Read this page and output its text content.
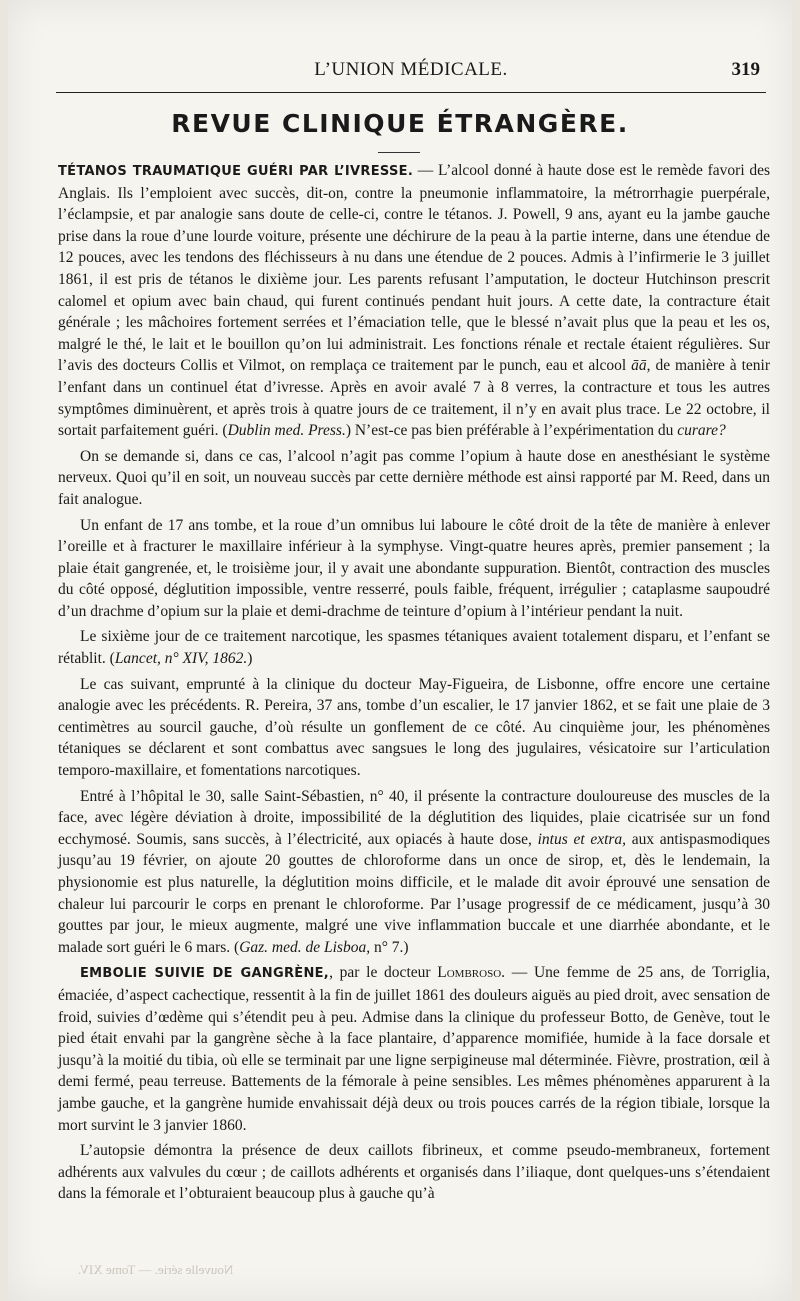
L’UNION MÉDICALE.	319
REVUE CLINIQUE ÉTRANGÈRE.

TÉTANOS TRAUMATIQUE GUÉRI PAR L’IVRESSE. — L’alcool donné à haute dose est le remède favori des Anglais. Ils l’emploient avec succès, dit-on, contre la pneumonie inflammatoire, la métrorrhagie puerpérale, l’éclampsie, et par analogie sans doute de celle-ci, contre le tétanos. J. Powell, 9 ans, ayant eu la jambe gauche prise dans la roue d’une lourde voiture, présente une déchirure de la peau à la partie interne, dans une étendue de 12 pouces, avec les tendons des fléchisseurs à nu dans une étendue de 2 pouces. Admis à l’infirmerie le 3 juillet 1861, il est pris de tétanos le dixième jour. Les parents refusant l’amputation, le docteur Hutchinson prescrit calomel et opium avec bain chaud, qui furent continués pendant huit jours. A cette date, la contracture était générale ; les mâchoires fortement serrées et l’émaciation telle, que le blessé n’avait plus que la peau et les os, malgré le thé, le lait et le bouillon qu’on lui administrait. Les fonctions rénale et rectale étaient régulières. Sur l’avis des docteurs Collis et Vilmot, on remplaça ce traitement par le punch, eau et alcool āā, de manière à tenir l’enfant dans un continuel état d’ivresse. Après en avoir avalé 7 à 8 verres, la contracture et tous les autres symptômes diminuèrent, et après trois à quatre jours de ce traitement, il n’y en avait plus trace. Le 22 octobre, il sortait parfaitement guéri. (Dublin med. Press.) N’est-ce pas bien préférable à l’expérimentation du curare?

On se demande si, dans ce cas, l’alcool n’agit pas comme l’opium à haute dose en anesthésiant le système nerveux. Quoi qu’il en soit, un nouveau succès par cette dernière méthode est ainsi rapporté par M. Reed, dans un fait analogue.

Un enfant de 17 ans tombe, et la roue d’un omnibus lui laboure le côté droit de la tête de manière à enlever l’oreille et à fracturer le maxillaire inférieur à la symphyse. Vingt-quatre heures après, premier pansement ; la plaie était gangrenée, et, le troisième jour, il y avait une abondante suppuration. Bientôt, contraction des muscles du côté opposé, déglutition impossible, ventre resserré, pouls faible, fréquent, irrégulier ; cataplasme saupoudré d’un drachme d’opium sur la plaie et demi-drachme de teinture d’opium à l’intérieur pendant la nuit.

Le sixième jour de ce traitement narcotique, les spasmes tétaniques avaient totalement disparu, et l’enfant se rétablit. (Lancet, n° XIV, 1862.)

Le cas suivant, emprunté à la clinique du docteur May-Figueira, de Lisbonne, offre encore une certaine analogie avec les précédents. R. Pereira, 37 ans, tombe d’un escalier, le 17 janvier 1862, et se fait une plaie de 3 centimètres au sourcil gauche, d’où résulte un gonflement de ce côté. Au cinquième jour, les phénomènes tétaniques se déclarent et sont combattus avec sangsues le long des jugulaires, vésicatoire sur l’articulation temporo-maxillaire, et fomentations narcotiques.

Entré à l’hôpital le 30, salle Saint-Sébastien, n° 40, il présente la contracture douloureuse des muscles de la face, avec légère déviation à droite, impossibilité de la déglutition des liquides, plaie cicatrisée sur un fond ecchymosé. Soumis, sans succès, à l’électricité, aux opiacés à haute dose, intus et extra, aux antispasmodiques jusqu’au 19 février, on ajoute 20 gouttes de chloroforme dans un once de sirop, et, dès le lendemain, la physionomie est plus naturelle, la déglutition moins difficile, et le malade dit avoir éprouvé une sensation de chaleur lui parcourir le corps en prenant le chloroforme. Par l’usage progressif de ce médicament, jusqu’à 30 gouttes par jour, le mieux augmente, malgré une vive inflammation buccale et une diarrhée abondante, et le malade sort guéri le 6 mars. (Gaz. med. de Lisboa, n° 7.)

EMBOLIE SUIVIE DE GANGRÈNE,, par le docteur Lombroso. — Une femme de 25 ans, de Torriglia, émaciée, d’aspect cachectique, ressentit à la fin de juillet 1861 des douleurs aiguës au pied droit, avec sensation de froid, suivies d’œdème qui s’étendit peu à peu. Admise dans la clinique du professeur Botto, de Genève, tout le pied était envahi par la gangrène sèche à la face plantaire, d’apparence momifiée, humide à la face dorsale et jusqu’à la moitié du tibia, où elle se terminait par une ligne serpigineuse mal déterminée. Fièvre, prostration, œil à demi fermé, peau terreuse. Battements de la fémorale à peine sensibles. Les mêmes phénomènes apparurent à la jambe gauche, et la gangrène humide envahissait déjà deux ou trois pouces carrés de la région tibiale, lorsque la mort survint le 3 janvier 1860.

L’autopsie démontra la présence de deux caillots fibrineux, et comme pseudo-membraneux, fortement adhérents aux valvules du cœur ; de caillots adhérents et organisés dans l’iliaque, dont quelques-uns s’étendaient dans la fémorale et l’obturaient beaucoup plus à gauche qu’à

Nouvelle série. — Tome XIV.
